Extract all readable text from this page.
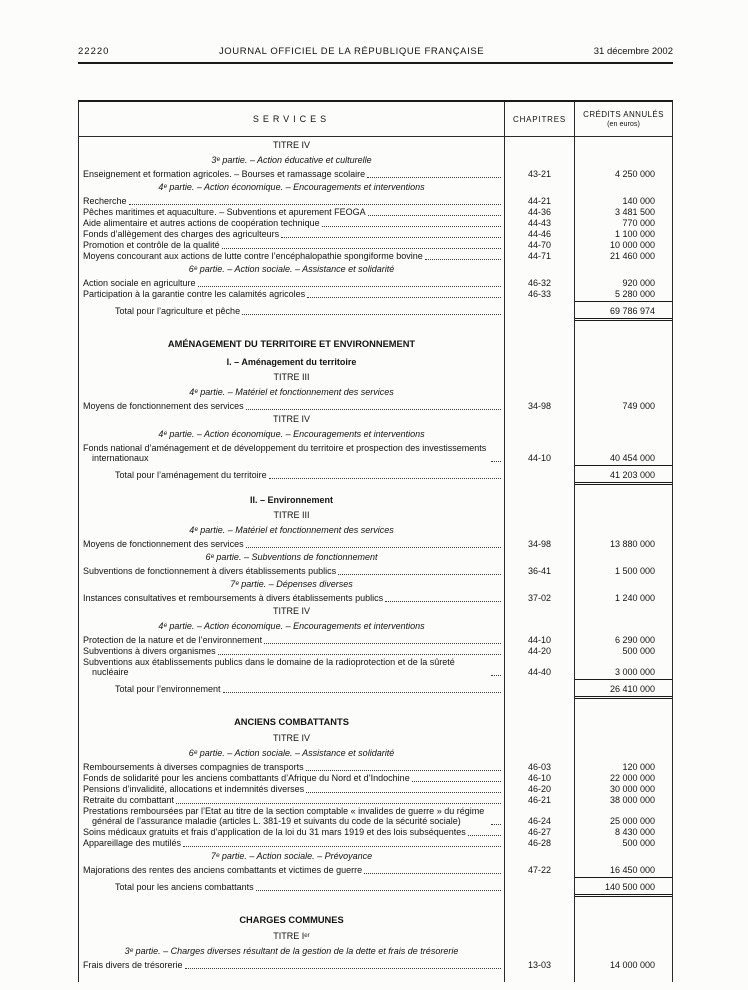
22220	JOURNAL OFFICIEL DE LA RÉPUBLIQUE FRANÇAISE	31 décembre 2002
SERVICES	CHAPITRES	CRÉDITS ANNULÉS
(en euros)
TITRE IV
3ᵉ partie. – Action éducative et culturelle
Enseignement et formation agricoles. – Bourses et ramassage scolaire	43-21	4 250 000
4ᵉ partie. – Action économique. – Encouragements et interventions
Recherche	44-21	140 000
Pêches maritimes et aquaculture. – Subventions et apurement FEOGA	44-36	3 481 500
Aide alimentaire et autres actions de coopération technique	44-43	770 000
Fonds d’allègement des charges des agriculteurs	44-46	1 100 000
Promotion et contrôle de la qualité	44-70	10 000 000
Moyens concourant aux actions de lutte contre l’encéphalopathie spongiforme bovine	44-71	21 460 000
6ᵉ partie. – Action sociale. – Assistance et solidarité
Action sociale en agriculture	46-32	920 000
Participation à la garantie contre les calamités agricoles	46-33	5 280 000
Total pour l’agriculture et pêche	69 786 974
AMÉNAGEMENT DU TERRITOIRE ET ENVIRONNEMENT
I. – Aménagement du territoire
TITRE III
4ᵉ partie. – Matériel et fonctionnement des services
Moyens de fonctionnement des services	34-98	749 000
TITRE IV
4ᵉ partie. – Action économique. – Encouragements et interventions
Fonds national d’aménagement et de développement du territoire et prospection des investissements internationaux	44-10	40 454 000
Total pour l’aménagement du territoire	41 203 000
II. – Environnement
TITRE III
4ᵉ partie. – Matériel et fonctionnement des services
Moyens de fonctionnement des services	34-98	13 880 000
6ᵉ partie. – Subventions de fonctionnement
Subventions de fonctionnement à divers établissements publics	36-41	1 500 000
7ᵉ partie. – Dépenses diverses
Instances consultatives et remboursements à divers établissements publics	37-02	1 240 000
TITRE IV
4ᵉ partie. – Action économique. – Encouragements et interventions
Protection de la nature et de l’environnement	44-10	6 290 000
Subventions à divers organismes	44-20	500 000
Subventions aux établissements publics dans le domaine de la radioprotection et de la sûreté nucléaire	44-40	3 000 000
Total pour l’environnement	26 410 000
ANCIENS COMBATTANTS
TITRE IV
6ᵉ partie. – Action sociale. – Assistance et solidarité
Remboursements à diverses compagnies de transports	46-03	120 000
Fonds de solidarité pour les anciens combattants d’Afrique du Nord et d’Indochine	46-10	22 000 000
Pensions d’invalidité, allocations et indemnités diverses	46-20	30 000 000
Retraite du combattant	46-21	38 000 000
Prestations remboursées par l’Etat au titre de la section comptable « invalides de guerre » du régime général de l’assurance maladie (articles L. 381-19 et suivants du code de la sécurité sociale)	46-24	25 000 000
Soins médicaux gratuits et frais d’application de la loi du 31 mars 1919 et des lois subséquentes	46-27	8 430 000
Appareillage des mutilés	46-28	500 000
7ᵉ partie. – Action sociale. – Prévoyance
Majorations des rentes des anciens combattants et victimes de guerre	47-22	16 450 000
Total pour les anciens combattants	140 500 000
CHARGES COMMUNES
TITRE Iᵉʳ
3ᵉ partie. – Charges diverses résultant de la gestion de la dette et frais de trésorerie
Frais divers de trésorerie	13-03	14 000 000
